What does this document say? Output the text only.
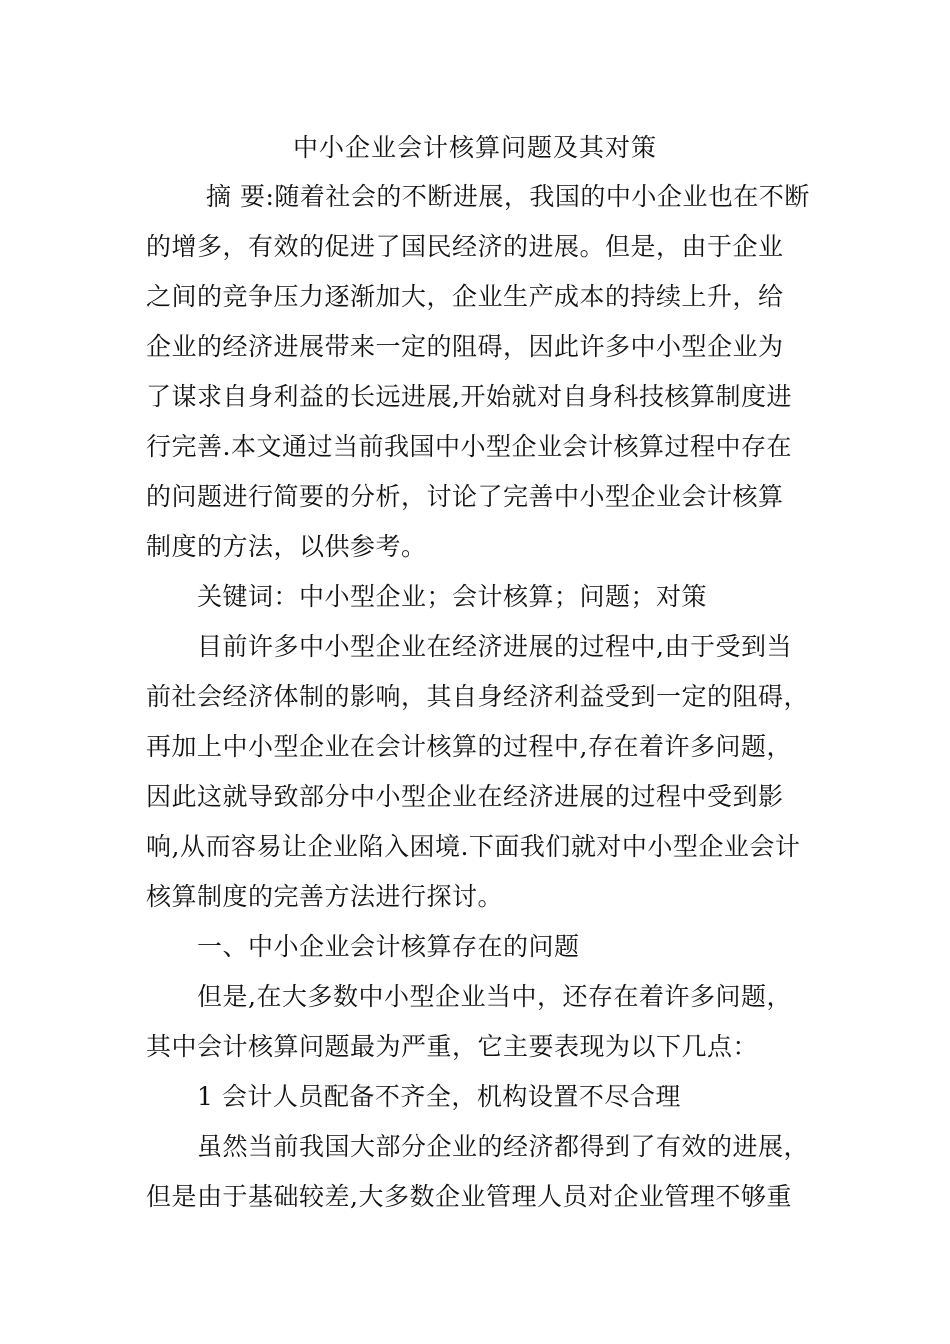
中小企业会计核算问题及其对策
摘 要:随着社会的不断进展，我国的中小企业也在不断
的增多，有效的促进了国民经济的进展。但是，由于企业
之间的竞争压力逐渐加大，企业生产成本的持续上升，给
企业的经济进展带来一定的阻碍，因此许多中小型企业为
了谋求自身利益的长远进展,开始就对自身科技核算制度进
行完善.本文通过当前我国中小型企业会计核算过程中存在
的问题进行简要的分析，讨论了完善中小型企业会计核算
制度的方法，以供参考。
关键词：中小型企业；会计核算；问题；对策
目前许多中小型企业在经济进展的过程中,由于受到当
前社会经济体制的影响，其自身经济利益受到一定的阻碍，
再加上中小型企业在会计核算的过程中,存在着许多问题，
因此这就导致部分中小型企业在经济进展的过程中受到影
响,从而容易让企业陷入困境.下面我们就对中小型企业会计
核算制度的完善方法进行探讨。
一、中小企业会计核算存在的问题
但是,在大多数中小型企业当中，还存在着许多问题，
其中会计核算问题最为严重，它主要表现为以下几点：
1 会计人员配备不齐全，机构设置不尽合理
虽然当前我国大部分企业的经济都得到了有效的进展，
但是由于基础较差,大多数企业管理人员对企业管理不够重
